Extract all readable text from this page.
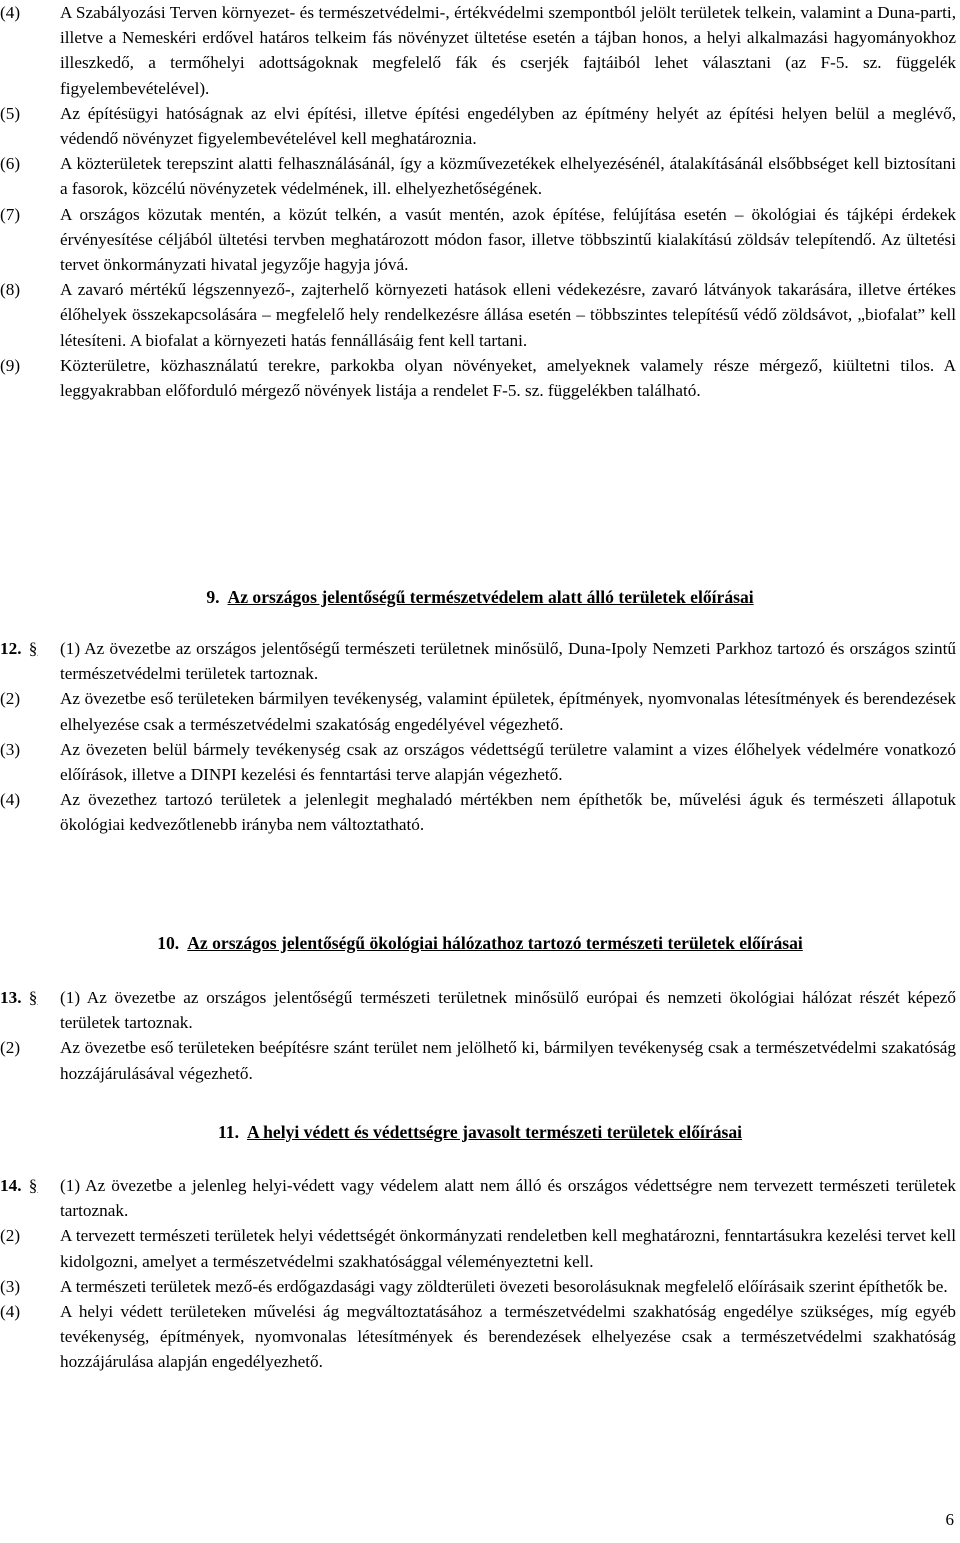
(4)	A Szabályozási Terven környezet- és természetvédelmi-, értékvédelmi szempontból jelölt területek telkein, valamint a Duna-parti, illetve a Nemeskéri erdővel határos telkeim fás növényzet ültetése esetén a tájban honos, a helyi alkalmazási hagyományokhoz illeszkedő, a termőhelyi adottságoknak megfelelő fák és cserjék fajtáiból lehet választani (az F-5. sz. függelék figyelembevételével).
(5)	Az építésügyi hatóságnak az elvi építési, illetve építési engedélyben az építmény helyét az építési helyen belül a meglévő, védendő növényzet figyelembevételével kell meghatároznia.
(6)	A közterületek terepszint alatti felhasználásánál, így a közművezetékek elhelyezésénél, átalakításánál elsőbbséget kell biztosítani a fasorok, közcélú növényzetek védelmének, ill. elhelyezhetőségének.
(7)	A országos közutak mentén, a közút telkén, a vasút mentén, azok építése, felújítása esetén – ökológiai és tájképi érdekek érvényesítése céljából ültetési tervben meghatározott módon fasor, illetve többszintű kialakítású zöldsáv telepítendő. Az ültetési tervet önkormányzati hivatal jegyzője hagyja jóvá.
(8)	A zavaró mértékű légszennyező-, zajterhelő környezeti hatások elleni védekezésre, zavaró látványok takarására, illetve értékes élőhelyek összekapcsolására – megfelelő hely rendelkezésre állása esetén – többszintes telepítésű védő zöldsávot, „biofalat” kell létesíteni. A biofalat a környezeti hatás fennállásáig fent kell tartani.
(9)	Közterületre, közhasználatú terekre, parkokba olyan növényeket, amelyeknek valamely része mérgező, kiültetni tilos. A leggyakrabban előforduló mérgező növények listája a rendelet F-5. sz. függelékben található.
9. Az országos jelentőségű természetvédelem alatt álló területek előírásai
12. §	(1) Az övezetbe az országos jelentőségű természeti területnek minősülő, Duna-Ipoly Nemzeti Parkhoz tartozó és országos szintű természetvédelmi területek tartoznak.
(2)	Az övezetbe eső területeken bármilyen tevékenység, valamint épületek, építmények, nyomvonalas létesítmények és berendezések elhelyezése csak a természetvédelmi szakatóság engedélyével végezhető.
(3)	Az övezeten belül bármely tevékenység csak az országos védettségű területre valamint a vizes élőhelyek védelmére vonatkozó előírások, illetve a DINPI kezelési és fenntartási terve alapján végezhető.
(4)	Az övezethez tartozó területek a jelenlegit meghaladó mértékben nem építhetők be, művelési águk és természeti állapotuk ökológiai kedvezőtlenebb irányba nem változtatható.
10. Az országos jelentőségű ökológiai hálózathoz tartozó természeti területek előírásai
13. §	(1) Az övezetbe az országos jelentőségű természeti területnek minősülő európai és nemzeti ökológiai hálózat részét képező területek tartoznak.
(2)	Az övezetbe eső területeken beépítésre szánt terület nem jelölhető ki, bármilyen tevékenység csak a természetvédelmi szakatóság hozzájárulásával végezhető.
11. A helyi védett és védettségre javasolt természeti területek előírásai
14. §	(1) Az övezetbe a jelenleg helyi-védett vagy védelem alatt nem álló és országos védettségre nem tervezett természeti területek tartoznak.
(2)	A tervezett természeti területek helyi védettségét önkormányzati rendeletben kell meghatározni, fenntartásukra kezelési tervet kell kidolgozni, amelyet a természetvédelmi szakhatósággal véleményeztetni kell.
(3)	A természeti területek mező-és erdőgazdasági vagy zöldterületi övezeti besorolásuknak megfelelő előírásaik szerint építhetők be.
(4)	A helyi védett területeken művelési ág megváltoztatásához a természetvédelmi szakhatóság engedélye szükséges, míg egyéb tevékenység, építmények, nyomvonalas létesítmények és berendezések elhelyezése csak a természetvédelmi szakhatóság hozzájárulása alapján engedélyezhető.
6
